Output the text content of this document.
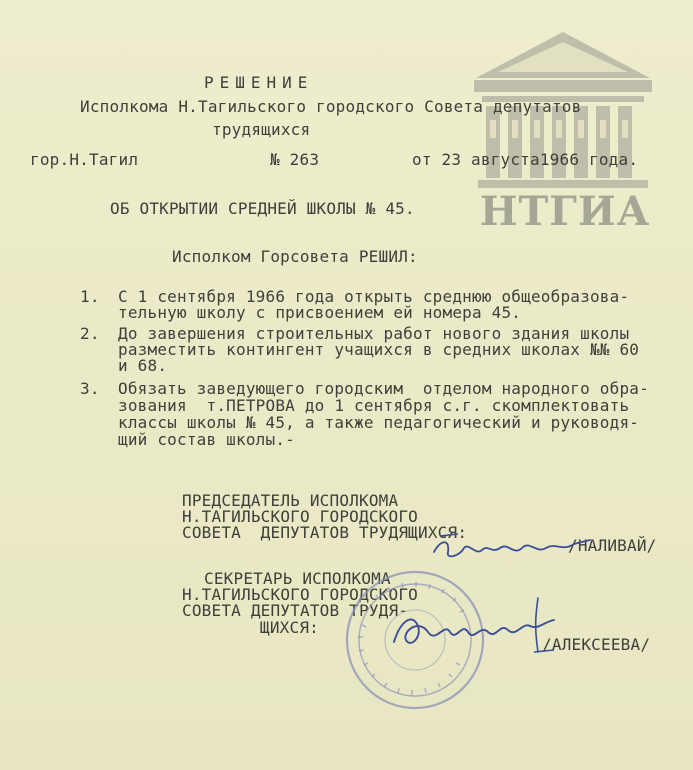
НТГИА
РЕШЕНИЕ
Исполкома Н.Тагильского городского Совета депутатов
трудящихся
гор.Н.Тагил	№ 263	от 23 августа1966 года.
ОБ ОТКРЫТИИ СРЕДНЕЙ ШКОЛЫ № 45.
Исполком Горсовета РЕШИЛ:
1. С 1 сентября 1966 года открыть среднюю общеобразова-
тельную школу с присвоением ей номера 45.
2. До завершения строительных работ нового здания школы
разместить контингент учащихся в средних школах №№ 60
и 68.
3. Обязать заведующего городским  отделом народного обра-
зования  т.ПЕТРОВА до 1 сентября с.г. скомплектовать
классы школы № 45, а также педагогический и руководя-
щий состав школы.-
ПРЕДСЕДАТЕЛЬ ИСПОЛКОМА
Н.ТАГИЛЬСКОГО ГОРОДСКОГО
СОВЕТА  ДЕПУТАТОВ ТРУДЯЩИХСЯ:
/НАЛИВАЙ/
СЕКРЕТАРЬ ИСПОЛКОМА
Н.ТАГИЛЬСКОГО ГОРОДСКОГО
СОВЕТА ДЕПУТАТОВ ТРУДЯ-
ЩИХСЯ:
/АЛЕКСЕЕВА/
